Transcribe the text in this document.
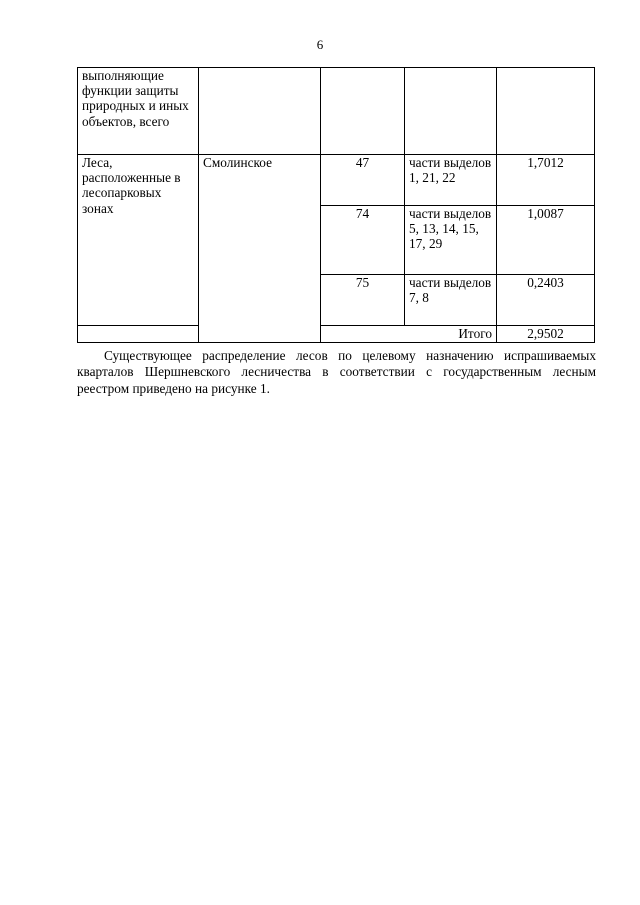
6
выполняющие функции защиты природных и иных объектов, всего				
Леса, расположенные в лесопарковых зонах	Смолинское	47	части выделов 1, 21, 22	1,7012
		74	части выделов 5, 13, 14, 15, 17, 29	1,0087
		75	части выделов 7, 8	0,2403
		Итого		2,9502

Существующее распределение лесов по целевому назначению испрашиваемых кварталов Шершневского лесничества в соответствии с государственным лесным реестром приведено на рисунке 1.
